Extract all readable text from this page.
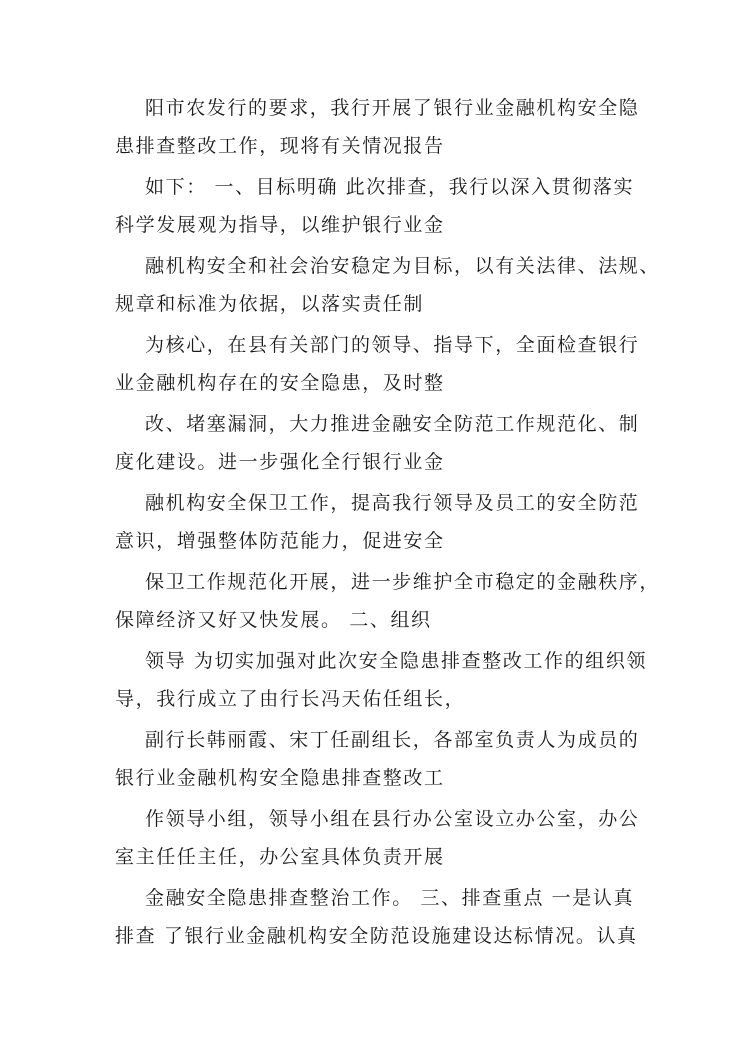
阳市农发行的要求，我行开展了银行业金融机构安全隐
患排查整改工作，现将有关情况报告
如下： 一、目标明确 此次排查，我行以深入贯彻落实
科学发展观为指导，以维护银行业金
融机构安全和社会治安稳定为目标，以有关法律、法规、
规章和标准为依据，以落实责任制
为核心，在县有关部门的领导、指导下，全面检查银行
业金融机构存在的安全隐患，及时整
改、堵塞漏洞，大力推进金融安全防范工作规范化、制
度化建设。进一步强化全行银行业金
融机构安全保卫工作，提高我行领导及员工的安全防范
意识，增强整体防范能力，促进安全
保卫工作规范化开展，进一步维护全市稳定的金融秩序，
保障经济又好又快发展。 二、组织
领导 为切实加强对此次安全隐患排查整改工作的组织领
导，我行成立了由行长冯天佑任组长，
副行长韩丽霞、宋丁任副组长，各部室负责人为成员的
银行业金融机构安全隐患排查整改工
作领导小组，领导小组在县行办公室设立办公室，办公
室主任任主任，办公室具体负责开展
金融安全隐患排查整治工作。 三、排查重点 一是认真
排查 了银行业金融机构安全防范设施建设达标情况。认真
